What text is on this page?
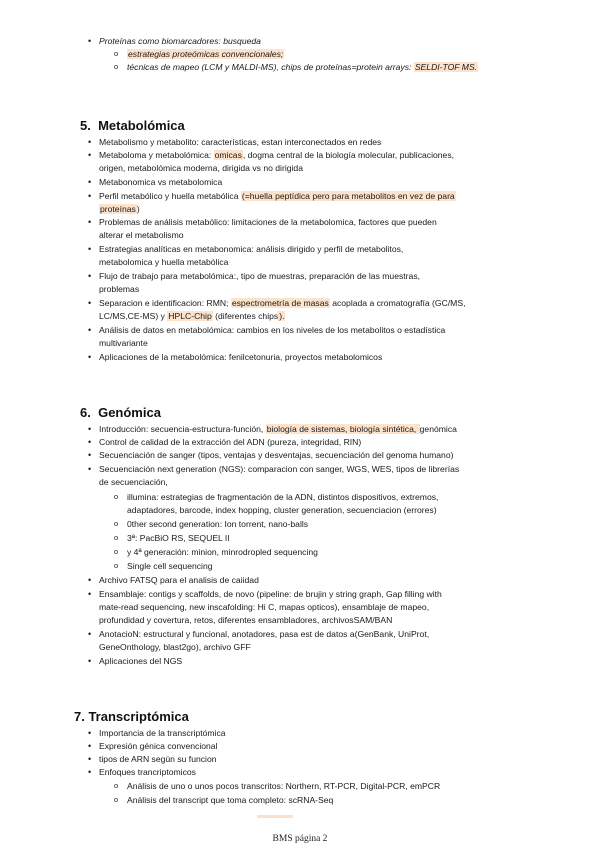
• Proteínas como biomarcadores: busqueda
o estrategias proteómicas convencionales;
o técnicas de mapeo (LCM y MALDI-MS), chips de proteínas=protein arrays: SELDI-TOF MS.
5. Metabolómica
• Metabolismo y metabolito: características, estan interconectados en redes
• Metaboloma y metabolómica: omicas, dogma central de la biología molecular, publicaciones,
origen, metabolómica moderna, dirigida vs no dirigida
• Metabonomica vs metabolomica
• Perfil metabólico y huella metabólica (=huella peptídica pero para metabolitos en vez de para
proteínas)
• Problemas de análisis metabólico: limitaciones de la metabolomica, factores que pueden
alterar el metabolismo
• Estrategias analíticas en metabonomica: análisis dirigido y perfil de metabolitos,
metabolomica y huella metabólica
• Flujo de trabajo para metabolómica:, tipo de muestras, preparación de las muestras,
problemas
• Separacion e identificacion: RMN; espectrometría de masas acoplada a cromatografía (GC/MS,
LC/MS,CE-MS) y HPLC-Chip (diferentes chips).
• Análisis de datos en metabolómica: cambios en los niveles de los metabolitos o estadística
multivariante
• Aplicaciones de la metabolómica: fenilcetonuria, proyectos metabolomicos
6. Genómica
• Introducción: secuencia-estructura-función, biología de sistemas, biología sintética, genómica
• Control de calidad de la extracción del ADN (pureza, integridad, RIN)
• Secuenciación de sanger (tipos, ventajas y desventajas, secuenciación del genoma humano)
• Secuenciación next generation (NGS): comparacion con sanger, WGS, WES, tipos de librerías
de secuenciación,
o illumina: estrategias de fragmentación de la ADN, distintos dispositivos, extremos,
adaptadores, barcode, index hopping, cluster generation, secuenciacion (errores)
o 0ther second generation: Ion torrent, nano-balls
o 3ª: PacBiO RS, SEQUEL II
o y 4ª generación: minion, minrodropled sequencing
o Single cell sequencing
• Archivo FATSQ para el analisis de caiidad
• Ensamblaje: contigs y scaffolds, de novo (pipeline: de brujin y string graph, Gap filling with
mate-read sequencing, new inscafolding: Hi C, mapas opticos), ensamblaje de mapeo,
profundidad y covertura, retos, diferentes ensambladores, archivosSAM/BAN
• AnotacioN: estructural y funcional, anotadores, pasa est de datos a(GenBank, UniProt,
GeneOnthology, blast2go), archivo GFF
• Aplicaciones del NGS
7. Transcriptómica
• Importancia de la transcriptómica
• Expresión génica convencional
• tipos de ARN según su funcion
• Enfoques trancriptomicos
o Análisis de uno o unos pocos transcritos: Northern, RT-PCR, Digital-PCR, emPCR
o Análisis del transcript que toma completo: scRNA-Seq
BMS página 2
